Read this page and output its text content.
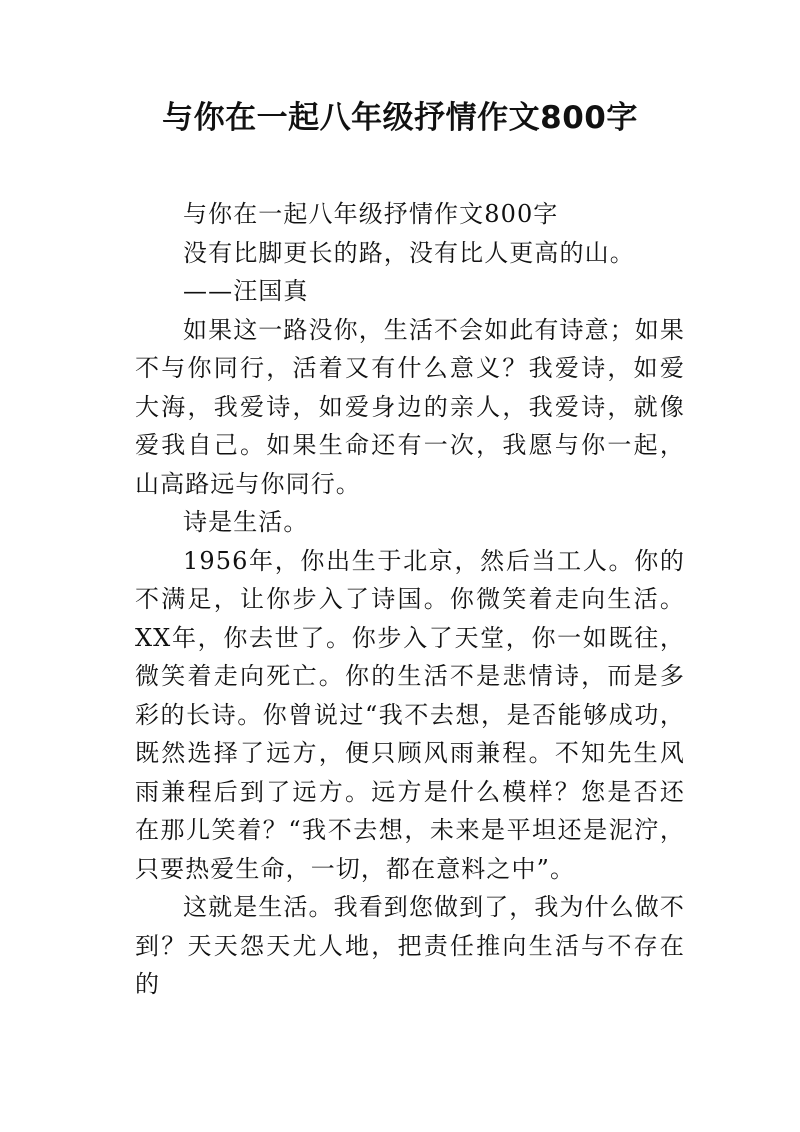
与你在一起八年级抒情作文800字

与你在一起八年级抒情作文800字

没有比脚更长的路，没有比人更高的山。

——汪国真

如果这一路没你，生活不会如此有诗意；如果不与你同行，活着又有什么意义？我爱诗，如爱大海，我爱诗，如爱身边的亲人，我爱诗，就像爱我自己。如果生命还有一次，我愿与你一起，山高路远与你同行。

诗是生活。

1956年，你出生于北京，然后当工人。你的不满足，让你步入了诗国。你微笑着走向生活。XX年，你去世了。你步入了天堂，你一如既往，微笑着走向死亡。你的生活不是悲情诗，而是多彩的长诗。你曾说过“我不去想，是否能够成功，既然选择了远方，便只顾风雨兼程。不知先生风雨兼程后到了远方。远方是什么模样？您是否还在那儿笑着？“我不去想，未来是平坦还是泥泞，只要热爱生命，一切，都在意料之中”。

这就是生活。我看到您做到了，我为什么做不到？天天怨天尤人地，把责任推向生活与不存在的
